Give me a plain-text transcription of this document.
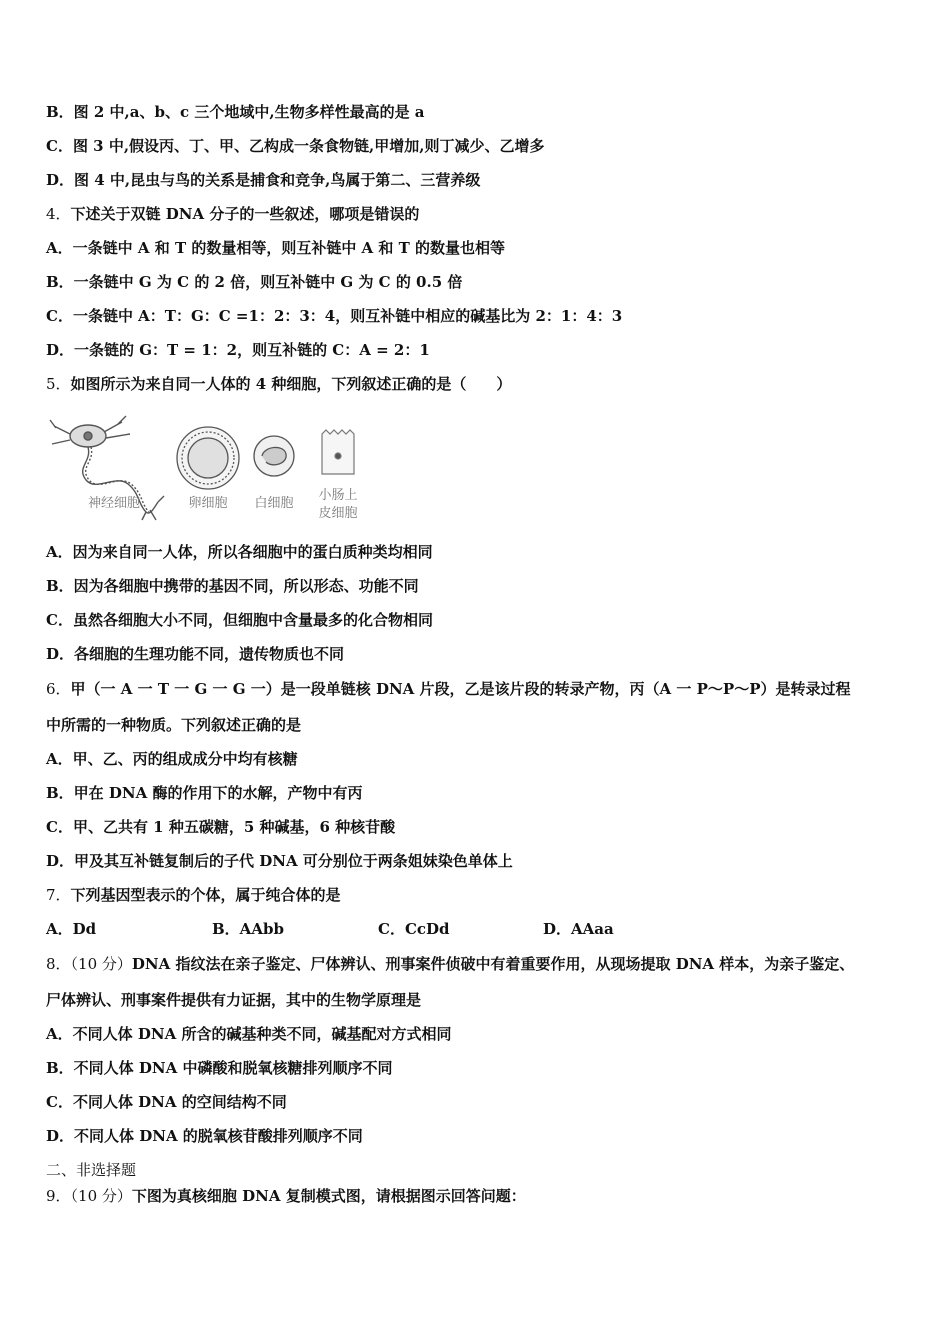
B．图 2 中,a、b、c 三个地域中,生物多样性最高的是 a
C．图 3 中,假设丙、丁、甲、乙构成一条食物链,甲增加,则丁减少、乙增多
D．图 4 中,昆虫与鸟的关系是捕食和竞争,鸟属于第二、三营养级
4．下述关于双链 DNA 分子的一些叙述，哪项是错误的
A．一条链中 A 和 T 的数量相等，则互补链中 A 和 T 的数量也相等
B．一条链中 G 为 C 的 2 倍，则互补链中 G 为 C 的 0.5 倍
C．一条链中 A：T：G：C =1：2：3：4，则互补链中相应的碱基比为 2：1：4：3
D．一条链的 G：T = 1：2，则互补链的 C：A = 2：1
5．如图所示为来自同一人体的 4 种细胞，下列叙述正确的是（　　）
神经细胞	卵细胞	白细胞
小肠上
皮细胞
A．因为来自同一人体，所以各细胞中的蛋白质种类均相同
B．因为各细胞中携带的基因不同，所以形态、功能不同
C．虽然各细胞大小不同，但细胞中含量最多的化合物相同
D．各细胞的生理功能不同，遗传物质也不同
6．甲（一 A 一 T 一 G 一 G 一）是一段单链核 DNA 片段，乙是该片段的转录产物，丙（A 一 P～P～P）是转录过程
中所需的一种物质。下列叙述正确的是
A．甲、乙、丙的组成成分中均有核糖
B．甲在 DNA 酶的作用下的水解，产物中有丙
C．甲、乙共有 1 种五碳糖，5 种碱基，6 种核苷酸
D．甲及其互补链复制后的子代 DNA 可分别位于两条姐妹染色单体上
7．下列基因型表示的个体，属于纯合体的是
A．Dd	B．AAbb	C．CcDd	D．AAaa
8．（10 分）DNA 指纹法在亲子鉴定、尸体辨认、刑事案件侦破中有着重要作用，从现场提取 DNA 样本，为亲子鉴定、
尸体辨认、刑事案件提供有力证据，其中的生物学原理是
A．不同人体 DNA 所含的碱基种类不同，碱基配对方式相同
B．不同人体 DNA 中磷酸和脱氧核糖排列顺序不同
C．不同人体 DNA 的空间结构不同
D．不同人体 DNA 的脱氧核苷酸排列顺序不同
二、非选择题
9．（10 分）下图为真核细胞 DNA 复制模式图，请根据图示回答问题：
